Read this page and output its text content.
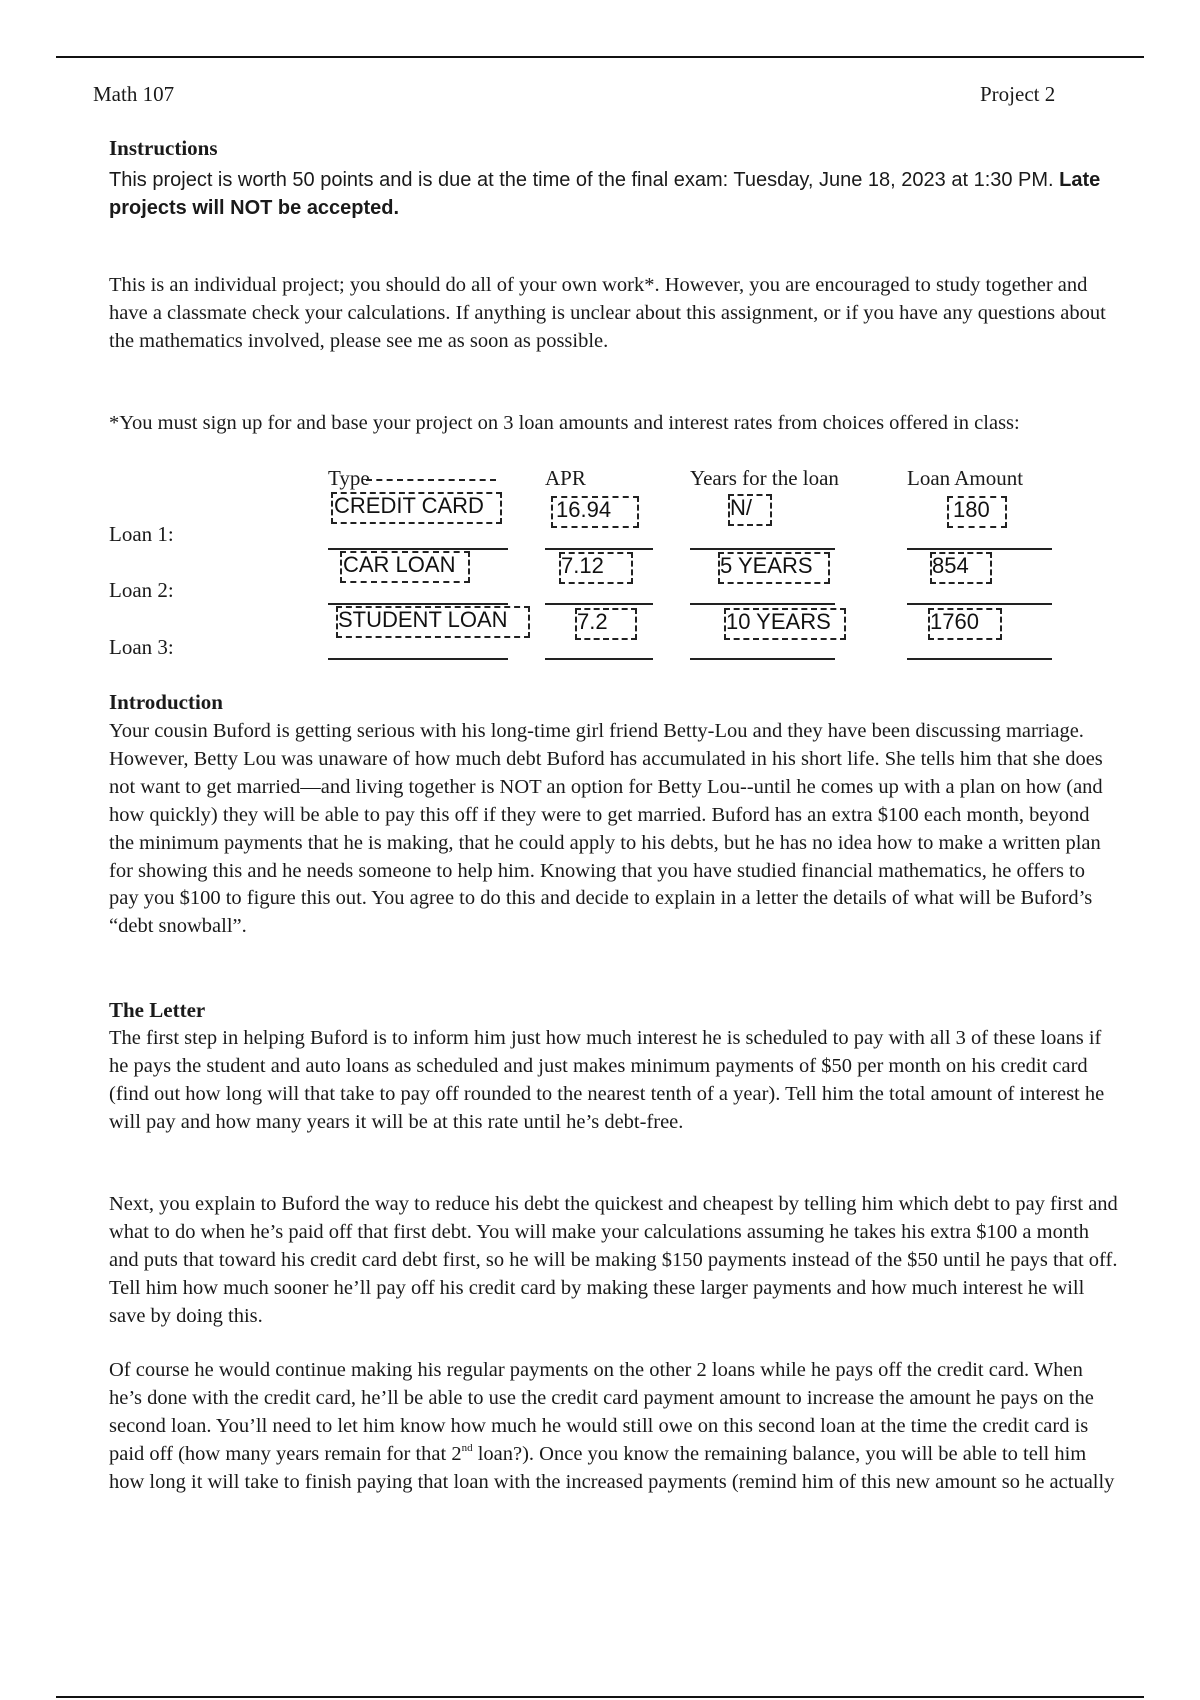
Math 107	Project 2
Instructions

This project is worth 50 points and is due at the time of the final exam: Tuesday, June 18, 2023 at 1:30 PM. Late projects will NOT be accepted.

This is an individual project; you should do all of your own work*. However, you are encouraged to study together and have a classmate check your calculations. If anything is unclear about this assignment, or if you have any questions about the mathematics involved, please see me as soon as possible.

*You must sign up for and base your project on 3 loan amounts and interest rates from choices offered in class:

Type	APR	Years for the loan	Loan Amount
Loan 1:
CREDIT CARD	16.94	N/	180
Loan 2:
CAR LOAN	7.12	5 YEARS	854
Loan 3:
STUDENT LOAN	7.2	10 YEARS	1760
Introduction

Your cousin Buford is getting serious with his long-time girl friend Betty-Lou and they have been discussing marriage. However, Betty Lou was unaware of how much debt Buford has accumulated in his short life. She tells him that she does not want to get married—and living together is NOT an option for Betty Lou--until he comes up with a plan on how (and how quickly) they will be able to pay this off if they were to get married. Buford has an extra $100 each month, beyond the minimum payments that he is making, that he could apply to his debts, but he has no idea how to make a written plan for showing this and he needs someone to help him. Knowing that you have studied financial mathematics, he offers to pay you $100 to figure this out. You agree to do this and decide to explain in a letter the details of what will be Buford’s “debt snowball”.

The Letter

The first step in helping Buford is to inform him just how much interest he is scheduled to pay with all 3 of these loans if he pays the student and auto loans as scheduled and just makes minimum payments of $50 per month on his credit card (find out how long will that take to pay off rounded to the nearest tenth of a year). Tell him the total amount of interest he will pay and how many years it will be at this rate until he’s debt-free.

Next, you explain to Buford the way to reduce his debt the quickest and cheapest by telling him which debt to pay first and what to do when he’s paid off that first debt. You will make your calculations assuming he takes his extra $100 a month and puts that toward his credit card debt first, so he will be making $150 payments instead of the $50 until he pays that off. Tell him how much sooner he’ll pay off his credit card by making these larger payments and how much interest he will save by doing this.

Of course he would continue making his regular payments on the other 2 loans while he pays off the credit card. When he’s done with the credit card, he’ll be able to use the credit card payment amount to increase the amount he pays on the second loan. You’ll need to let him know how much he would still owe on this second loan at the time the credit card is paid off (how many years remain for that 2nd loan?). Once you know the remaining balance, you will be able to tell him how long it will take to finish paying that loan with the increased payments (remind him of this new amount so he actually
